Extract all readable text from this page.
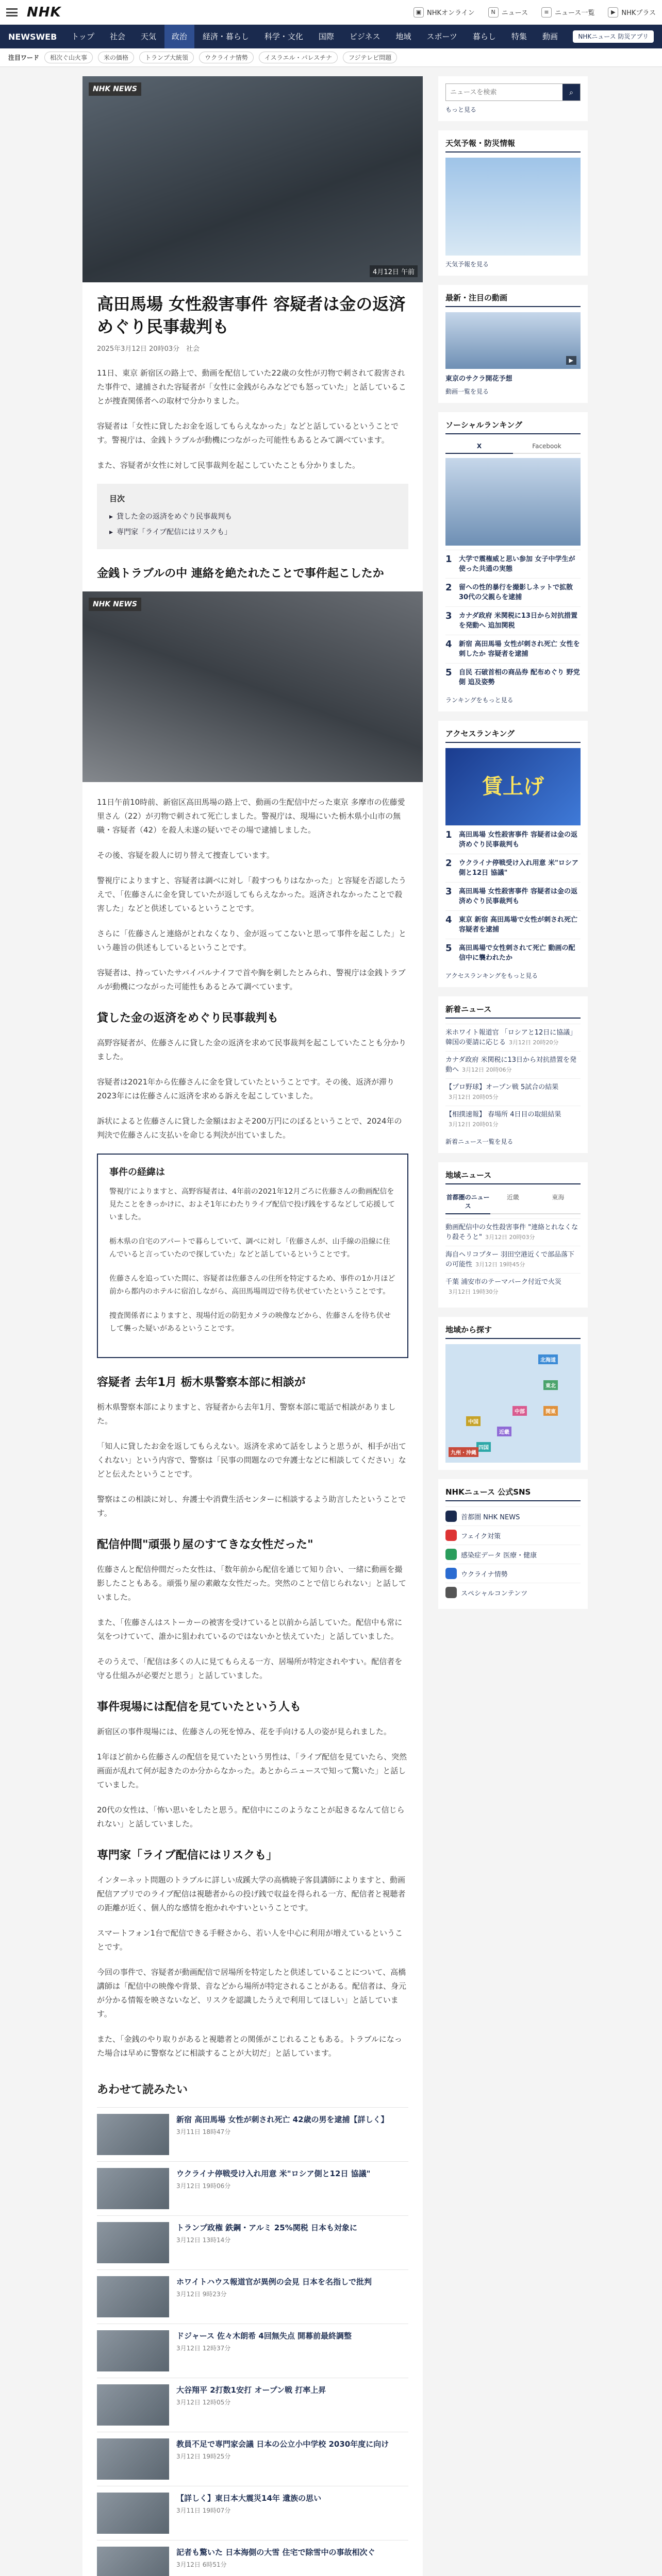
NHK	▣ NHKオンライン	N ニュース	≡ ニュース一覧	▶ NHKプラス
NEWSWEB	トップ	社会	天気	政治	経済・暮らし	科学・文化	国際	ビジネス	地域	スポーツ	暮らし	特集	動画	NHKニュース 防災アプリ
注目ワード	相次ぐ山火事	米の価格	トランプ大統領	ウクライナ情勢	イスラエル・パレスチナ	フジテレビ問題
NHK NEWS
4月12日 午前
高田馬場 女性殺害事件 容疑者は金の返済めぐり民事裁判も
2025年3月12日 20時03分　社会

11日、東京 新宿区の路上で、動画を配信していた22歳の女性が刃物で刺されて殺害された事件で、逮捕された容疑者が「女性に金銭がらみなどでも怒っていた」と話していることが捜査関係者への取材で分かりました。

容疑者は「女性に貸したお金を返してもらえなかった」などと話しているということです。警視庁は、金銭トラブルが動機につながった可能性もあるとみて調べています。

また、容疑者が女性に対して民事裁判を起こしていたことも分かりました。

目次
▸ 貸した金の返済をめぐり民事裁判も
▸ 専門家「ライブ配信にはリスクも」
金銭トラブルの中 連絡を絶たれたことで事件起こしたか
NHK NEWS

11日午前10時前、新宿区高田馬場の路上で、動画の生配信中だった東京 多摩市の佐藤愛里さん（22）が刃物で刺されて死亡しました。警視庁は、現場にいた栃木県小山市の無職・容疑者（42）を殺人未遂の疑いでその場で逮捕しました。

その後、容疑を殺人に切り替えて捜査しています。

警視庁によりますと、容疑者は調べに対し「殺すつもりはなかった」と容疑を否認したうえで、「佐藤さんに金を貸していたが返してもらえなかった。返済されなかったことで殺害した」などと供述しているということです。

さらに「佐藤さんと連絡がとれなくなり、金が返ってこないと思って事件を起こした」という趣旨の供述もしているということです。

容疑者は、持っていたサバイバルナイフで首や胸を刺したとみられ、警視庁は金銭トラブルが動機につながった可能性もあるとみて調べています。

貸した金の返済をめぐり民事裁判も

高野容疑者が、佐藤さんに貸した金の返済を求めて民事裁判を起こしていたことも分かりました。

容疑者は2021年から佐藤さんに金を貸していたということです。その後、返済が滞り2023年には佐藤さんに返済を求める訴えを起こしていました。

訴状によると佐藤さんに貸した金額はおよそ200万円にのぼるということで、2024年の判決で佐藤さんに支払いを命じる判決が出ていました。

事件の経緯は

警視庁によりますと、高野容疑者は、4年前の2021年12月ごろに佐藤さんの動画配信を見たことをきっかけに、およそ1年にわたりライブ配信で投げ銭をするなどして応援していました。

栃木県の自宅のアパートで暮らしていて、調べに対し「佐藤さんが、山手線の沿線に住んでいると言っていたので探していた」などと話しているということです。

佐藤さんを追っていた間に、容疑者は佐藤さんの住所を特定するため、事件の1か月ほど前から都内のホテルに宿泊しながら、高田馬場周辺で待ち伏せていたということです。

捜査関係者によりますと、現場付近の防犯カメラの映像などから、佐藤さんを待ち伏せして襲った疑いがあるということです。

容疑者 去年1月 栃木県警察本部に相談が

栃木県警察本部によりますと、容疑者から去年1月、警察本部に電話で相談がありました。

「知人に貸したお金を返してもらえない。返済を求めて話をしようと思うが、相手が出てくれない」という内容で、警察は「民事の問題なので弁護士などに相談してください」などと伝えたということです。

警察はこの相談に対し、弁護士や消費生活センターに相談するよう助言したということです。

配信仲間"頑張り屋のすてきな女性だった"

佐藤さんと配信仲間だった女性は、「数年前から配信を通じて知り合い、一緒に動画を撮影したこともある。頑張り屋の素敵な女性だった。突然のことで信じられない」と話していました。

また、「佐藤さんはストーカーの被害を受けていると以前から話していた。配信中も常に気をつけていて、誰かに狙われているのではないかと怯えていた」と話していました。

そのうえで、「配信は多くの人に見てもらえる一方、居場所が特定されやすい。配信者を守る仕組みが必要だと思う」と話していました。

事件現場には配信を見ていたという人も

新宿区の事件現場には、佐藤さんの死を悼み、花を手向ける人の姿が見られました。

1年ほど前から佐藤さんの配信を見ていたという男性は、「ライブ配信を見ていたら、突然画面が乱れて何が起きたのか分からなかった。あとからニュースで知って驚いた」と話していました。

20代の女性は、「怖い思いをしたと思う。配信中にこのようなことが起きるなんて信じられない」と話していました。

専門家「ライブ配信にはリスクも」

インターネット問題のトラブルに詳しい成蹊大学の高橋暁子客員講師によりますと、動画配信アプリでのライブ配信は視聴者からの投げ銭で収益を得られる一方、配信者と視聴者の距離が近く、個人的な感情を抱かれやすいということです。

スマートフォン1台で配信できる手軽さから、若い人を中心に利用が増えているということです。

今回の事件で、容疑者が動画配信で居場所を特定したと供述していることについて、高橋講師は「配信中の映像や背景、音などから場所が特定されることがある。配信者は、身元が分かる情報を映さないなど、リスクを認識したうえで利用してほしい」と話しています。

また、「金銭のやり取りがあると視聴者との関係がこじれることもある。トラブルになった場合は早めに警察などに相談することが大切だ」と話しています。

あわせて読みたい
新宿 高田馬場 女性が刺され死亡 42歳の男を逮捕【詳しく】
3月11日 18時47分
ウクライナ停戦受け入れ用意 米"ロシア側と12日 協議"
3月12日 19時06分
トランプ政権 鉄鋼・アルミ 25%関税 日本も対象に
3月12日 13時14分
ホワイトハウス報道官が異例の会見 日本を名指しで批判
3月12日 9時23分
ドジャース 佐々木朗希 4回無失点 開幕前最終調整
3月12日 12時37分
大谷翔平 2打数1安打 オープン戦 打率上昇
3月12日 12時05分
教員不足で専門家会議 日本の公立小中学校 2030年度に向け
3月12日 19時25分
【詳しく】東日本大震災14年 遺族の思い
3月11日 19時07分
記者も驚いた 日本海側の大雪 住宅で除雪中の事故相次ぐ
3月12日 6時51分
ニュースを検索
⌕
もっと見る
天気予報・防災情報
天気予報を見る
最新・注目の動画
▶
東京のサクラ開花予想
動画一覧を見る
ソーシャルランキング
X	Facebook
1	大学で震権威と思い参加 女子中学生が使った共通の実態
2	留への性的暴行を撮影しネットで拡散 30代の父親らを逮捕
3	カナダ政府 米関税に13日から対抗措置を発動へ 追加関税
4	新宿 高田馬場 女性が刺され死亡 女性を刺したか 容疑者を逮捕
5	自民 石破首相の商品券 配布めぐり 野党側 追及姿勢
ランキングをもっと見る
アクセスランキング
賃上げ
1	高田馬場 女性殺害事件 容疑者は金の返済めぐり民事裁判も
2	ウクライナ停戦受け入れ用意 米"ロシア側と12日 協議"
3	高田馬場 女性殺害事件 容疑者は金の返済めぐり民事裁判も
4	東京 新宿 高田馬場で女性が刺され死亡 容疑者を逮捕
5	高田馬場で女性刺されて死亡 動画の配信中に襲われたか
アクセスランキングをもっと見る
新着ニュース
米ホワイト報道官 「ロシアと12日に協議」 韓国の要請に応じる 3月12日 20時20分
カナダ政府 米関税に13日から対抗措置を発動へ 3月12日 20時06分
【プロ野球】オープン戦 5試合の結果3月12日 20時05分
【相撲速報】 春場所 4日目の取組結果3月12日 20時01分
新着ニュース一覧を見る
地域ニュース
首都圏のニュース
近畿	東海
動画配信中の女性殺害事件 "連絡とれなくなり殺そうと" 3月12日 20時03分
海自ヘリコプター 羽田空港近くで部品落下の可能性 3月12日 19時45分
千葉 浦安市のテーマパーク付近で火災3月12日 19時30分
地域から探す
北海道
東北
関東
中部
近畿
中国
四国
九州・沖縄
NHKニュース 公式SNS
首都圏 NHK NEWS
フェイク対策
感染症データ 医療・健康
ウクライナ情勢
スペシャルコンテンツ
